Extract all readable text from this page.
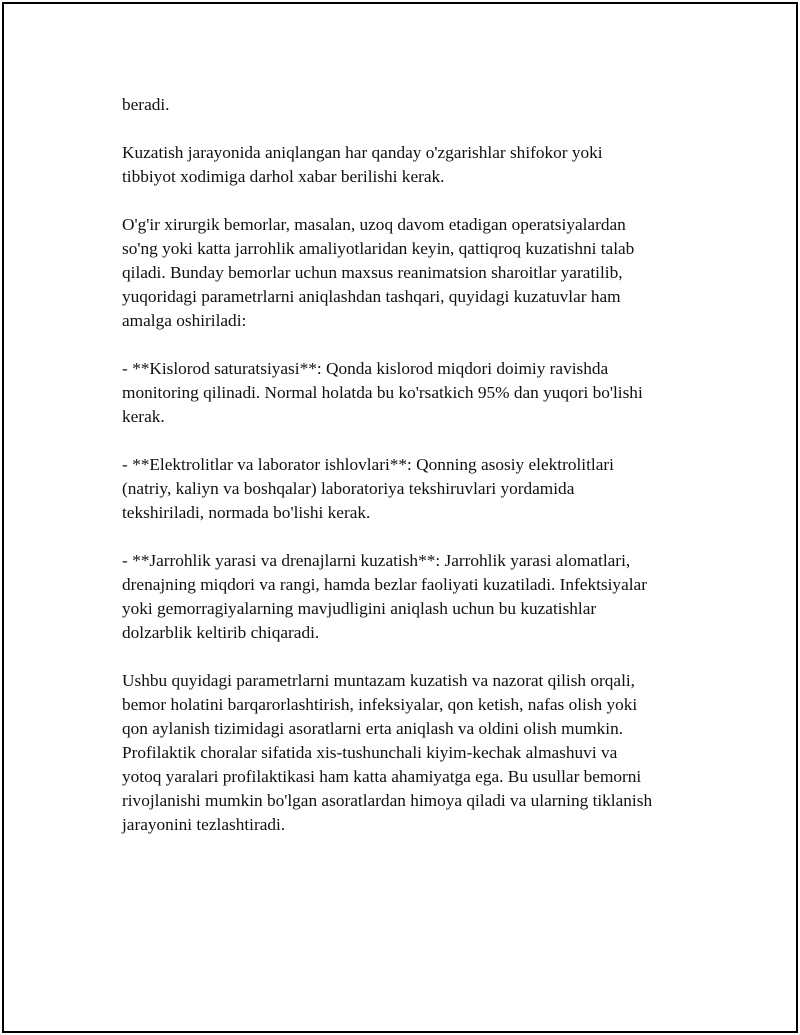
beradi.

Kuzatish jarayonida aniqlangan har qanday o'zgarishlar shifokor yoki
tibbiyot xodimiga darhol xabar berilishi kerak.

O'g'ir xirurgik bemorlar, masalan, uzoq davom etadigan operatsiyalardan
so'ng yoki katta jarrohlik amaliyotlaridan keyin, qattiqroq kuzatishni talab
qiladi. Bunday bemorlar uchun maxsus reanimatsion sharoitlar yaratilib,
yuqoridagi parametrlarni aniqlashdan tashqari, quyidagi kuzatuvlar ham
amalga oshiriladi:

- **Kislorod saturatsiyasi**: Qonda kislorod miqdori doimiy ravishda
monitoring qilinadi. Normal holatda bu ko'rsatkich 95% dan yuqori bo'lishi
kerak.

- **Elektrolitlar va laborator ishlovlari**: Qonning asosiy elektrolitlari
(natriy, kaliyn va boshqalar) laboratoriya tekshiruvlari yordamida
tekshiriladi, normada bo'lishi kerak.

- **Jarrohlik yarasi va drenajlarni kuzatish**: Jarrohlik yarasi alomatlari,
drenajning miqdori va rangi, hamda bezlar faoliyati kuzatiladi. Infektsiyalar
yoki gemorragiyalarning mavjudligini aniqlash uchun bu kuzatishlar
dolzarblik keltirib chiqaradi.

Ushbu quyidagi parametrlarni muntazam kuzatish va nazorat qilish orqali,
bemor holatini barqarorlashtirish, infeksiyalar, qon ketish, nafas olish yoki
qon aylanish tizimidagi asoratlarni erta aniqlash va oldini olish mumkin.
Profilaktik choralar sifatida xis-tushunchali kiyim-kechak almashuvi va
yotoq yaralari profilaktikasi ham katta ahamiyatga ega. Bu usullar bemorni
rivojlanishi mumkin bo'lgan asoratlardan himoya qiladi va ularning tiklanish
jarayonini tezlashtiradi.
